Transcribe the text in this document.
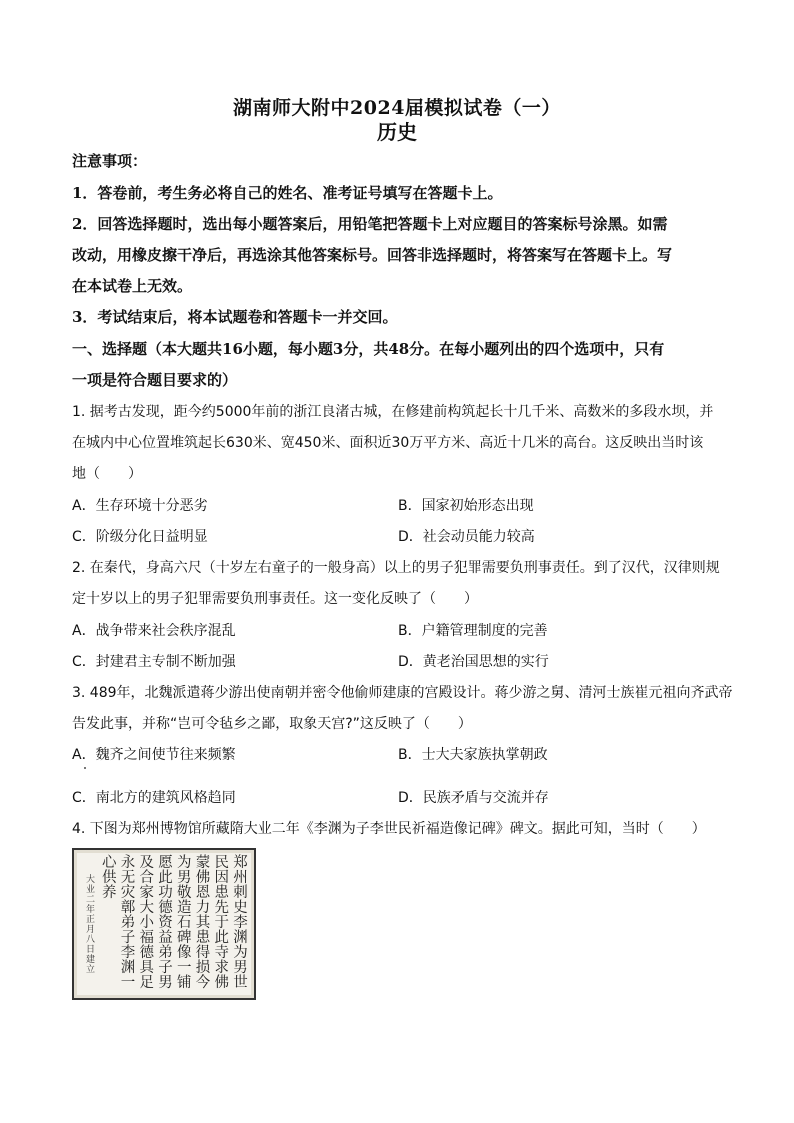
湖南师大附中2024届模拟试卷（一）
历史
注意事项：
1．答卷前，考生务必将自己的姓名、准考证号填写在答题卡上。
2．回答选择题时，选出每小题答案后，用铅笔把答题卡上对应题目的答案标号涂黑。如需
改动，用橡皮擦干净后，再选涂其他答案标号。回答非选择题时，将答案写在答题卡上。写
在本试卷上无效。
3．考试结束后，将本试题卷和答题卡一并交回。
一、选择题（本大题共16小题，每小题3分，共48分。在每小题列出的四个选项中，只有
一项是符合题目要求的）
1. 据考古发现，距今约5000年前的浙江良渚古城，在修建前构筑起长十几千米、高数米的多段水坝，并
在城内中心位置堆筑起长630米、宽450米、面积近30万平方米、高近十几米的高台。这反映出当时该
地（　　）
A．生存环境十分恶劣	B．国家初始形态出现
C．阶级分化日益明显	D．社会动员能力较高
2. 在秦代，身高六尺（十岁左右童子的一般身高）以上的男子犯罪需要负刑事责任。到了汉代，汉律则规
定十岁以上的男子犯罪需要负刑事责任。这一变化反映了（　　）
A．战争带来社会秩序混乱	B．户籍管理制度的完善
C．封建君主专制不断加强	D．黄老治国思想的实行
3. 489年，北魏派遣蒋少游出使南朝并密令他偷师建康的宫殿设计。蒋少游之舅、清河士族崔元祖向齐武帝
告发此事，并称“岂可令毡乡之鄙，取象天宫?”这反映了（　　）
A．魏齐之间使节往来频繁	B．士大夫家族执掌朝政
C．南北方的建筑风格趋同	D．民族矛盾与交流并存
4. 下图为郑州博物馆所藏隋大业二年《李渊为子李世民祈福造像记碑》碑文。据此可知，当时（　　）
郑州刺史李渊为男世
民因患先于此寺求佛
蒙佛恩力其患得损今
为男敬造石碑像一铺
愿此功德资益弟子男
及合家大小福德具足
永无灾鄣弟子李渊一
心供养
大业二年正月八日建立
